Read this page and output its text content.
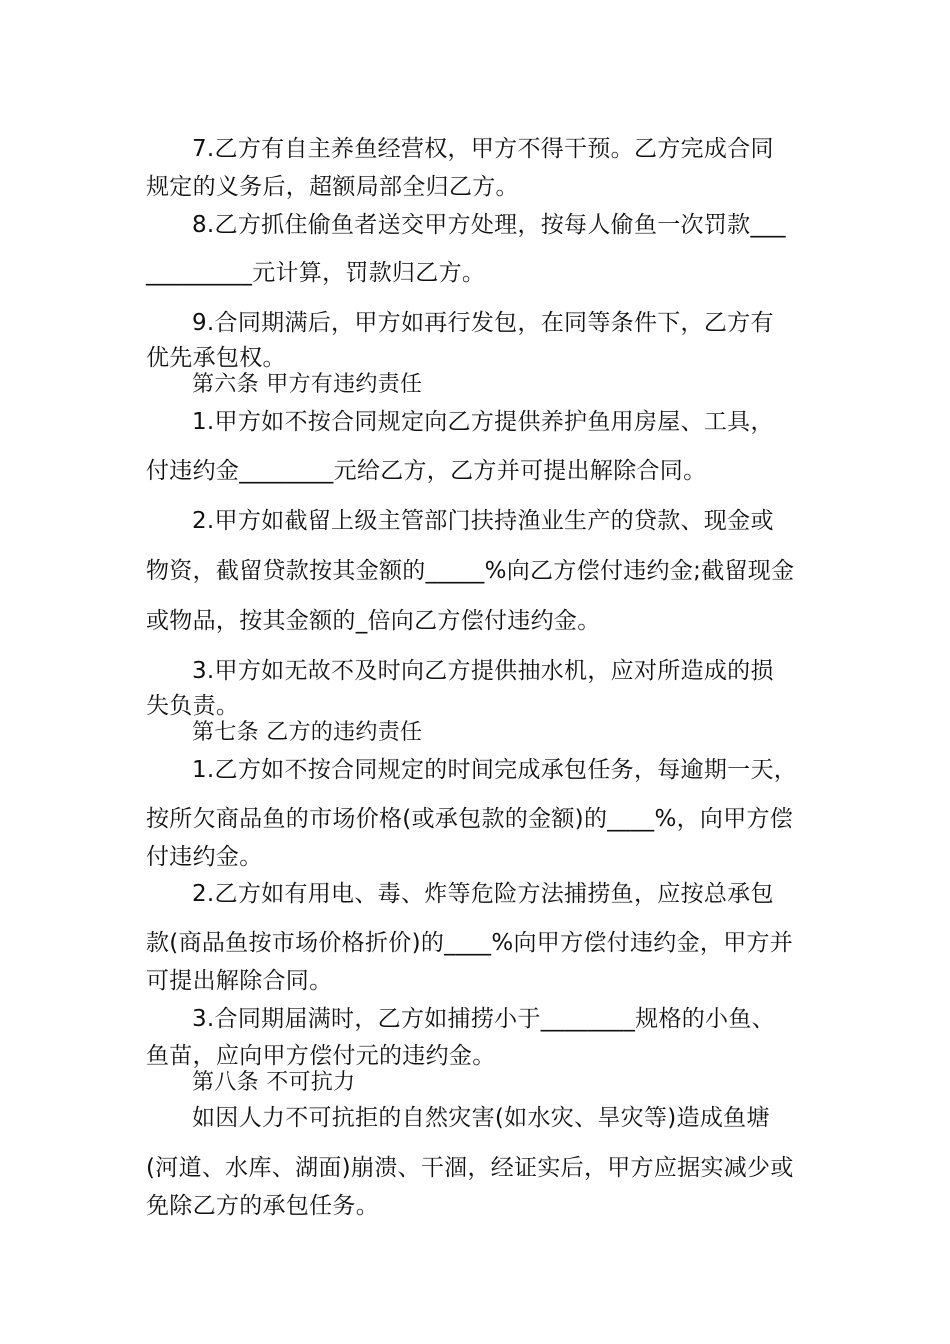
7.乙方有自主养鱼经营权，甲方不得干预。乙方完成合同
规定的义务后，超额局部全归乙方。
8.乙方抓住偷鱼者送交甲方处理，按每人偷鱼一次罚款___
_________元计算，罚款归乙方。
9.合同期满后，甲方如再行发包，在同等条件下，乙方有
优先承包权。
第六条 甲方有违约责任
1.甲方如不按合同规定向乙方提供养护鱼用房屋、工具，
付违约金________元给乙方，乙方并可提出解除合同。
2.甲方如截留上级主管部门扶持渔业生产的贷款、现金或
物资，截留贷款按其金额的_____%向乙方偿付违约金;截留现金
或物品，按其金额的_倍向乙方偿付违约金。
3.甲方如无故不及时向乙方提供抽水机，应对所造成的损
失负责。
第七条 乙方的违约责任
1.乙方如不按合同规定的时间完成承包任务，每逾期一天，
按所欠商品鱼的市场价格(或承包款的金额)的____%，向甲方偿
付违约金。
2.乙方如有用电、毒、炸等危险方法捕捞鱼，应按总承包
款(商品鱼按市场价格折价)的____%向甲方偿付违约金，甲方并
可提出解除合同。
3.合同期届满时，乙方如捕捞小于________规格的小鱼、
鱼苗，应向甲方偿付元的违约金。
第八条 不可抗力
如因人力不可抗拒的自然灾害(如水灾、旱灾等)造成鱼塘
(河道、水库、湖面)崩溃、干涸，经证实后，甲方应据实减少或
免除乙方的承包任务。
